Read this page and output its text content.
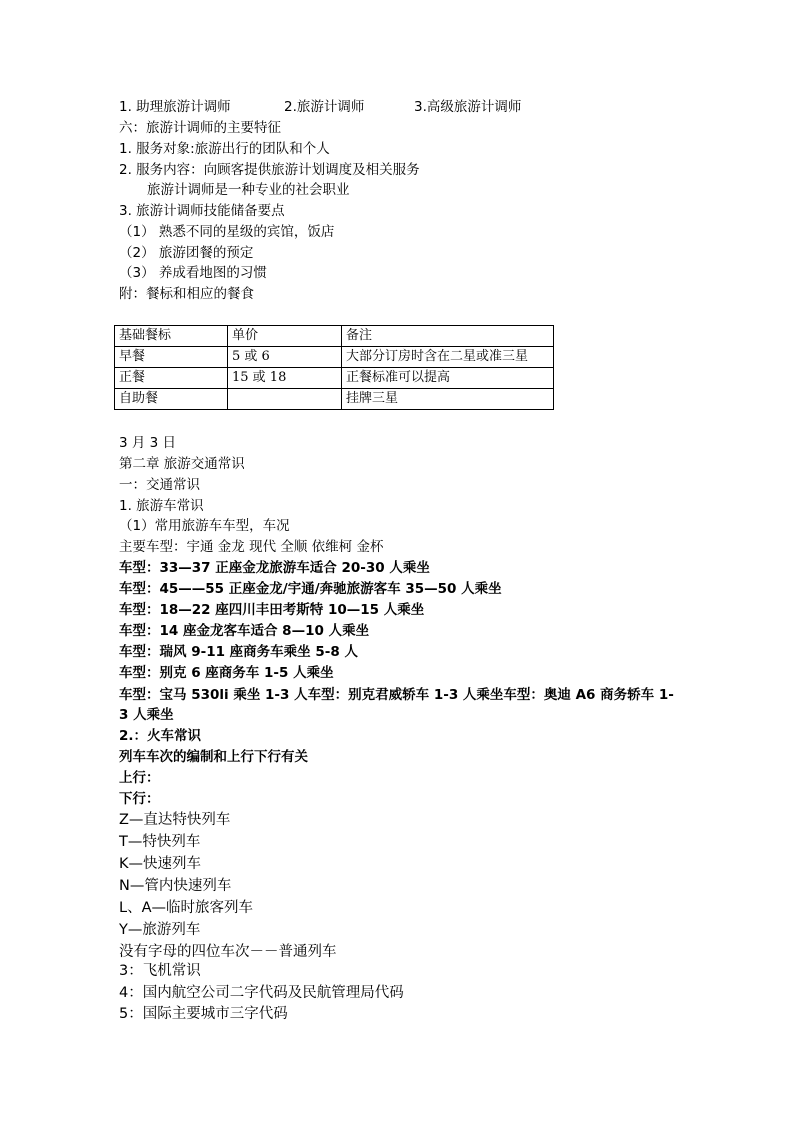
1. 助理旅游计调师	2.旅游计调师	3.高级旅游计调师
六：旅游计调师的主要特征
1. 服务对象:旅游出行的团队和个人
2. 服务内容：向顾客提供旅游计划调度及相关服务
旅游计调师是一种专业的社会职业
3. 旅游计调师技能储备要点
（1） 熟悉不同的星级的宾馆，饭店
（2） 旅游团餐的预定
（3） 养成看地图的习惯
附：餐标和相应的餐食
基础餐标	单价	备注
早餐	5 或 6	大部分订房时含在二星或准三星
正餐	15 或 18	正餐标准可以提高
自助餐		挂牌三星
3 月 3 日
第二章 旅游交通常识
一：交通常识
1. 旅游车常识
（1）常用旅游车车型，车况
主要车型：宇通 金龙 现代 全顺 依维柯 金杯
车型：33—37 正座金龙旅游车适合 20-30 人乘坐
车型：45——55 正座金龙/宇通/奔驰旅游客车 35—50 人乘坐
车型：18—22 座四川丰田考斯特 10—15 人乘坐
车型：14 座金龙客车适合 8—10 人乘坐
车型：瑞风 9-11 座商务车乘坐 5-8 人
车型：别克 6 座商务车 1-5 人乘坐
车型：宝马 530li 乘坐 1-3 人车型：别克君威轿车 1-3 人乘坐车型：奥迪 A6 商务轿车 1-3 人乘坐
2.：火车常识
列车车次的编制和上行下行有关
上行：
下行：
Z—直达特快列车
T—特快列车
K—快速列车
N—管内快速列车
L、A—临时旅客列车
Y—旅游列车
没有字母的四位车次－－普通列车
3：飞机常识
4：国内航空公司二字代码及民航管理局代码
5：国际主要城市三字代码
